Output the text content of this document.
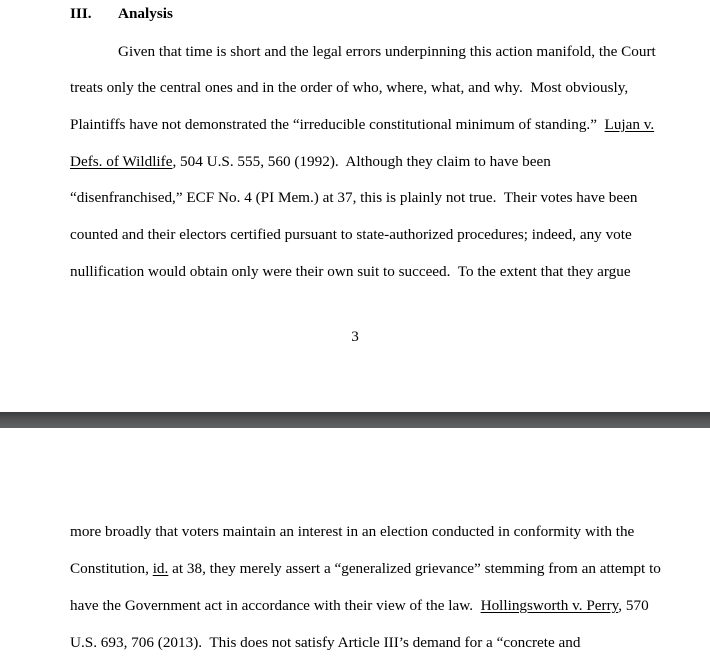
III. Analysis
Given that time is short and the legal errors underpinning this action manifold, the Court
treats only the central ones and in the order of who, where, what, and why.  Most obviously,
Plaintiffs have not demonstrated the “irreducible constitutional minimum of standing.”  Lujan v.
Defs. of Wildlife, 504 U.S. 555, 560 (1992).  Although they claim to have been
“disenfranchised,” ECF No. 4 (PI Mem.) at 37, this is plainly not true.  Their votes have been
counted and their electors certified pursuant to state-authorized procedures; indeed, any vote
nullification would obtain only were their own suit to succeed.  To the extent that they argue
3
more broadly that voters maintain an interest in an election conducted in conformity with the
Constitution, id. at 38, they merely assert a “generalized grievance” stemming from an attempt to
have the Government act in accordance with their view of the law.  Hollingsworth v. Perry, 570
U.S. 693, 706 (2013).  This does not satisfy Article III’s demand for a “concrete and
